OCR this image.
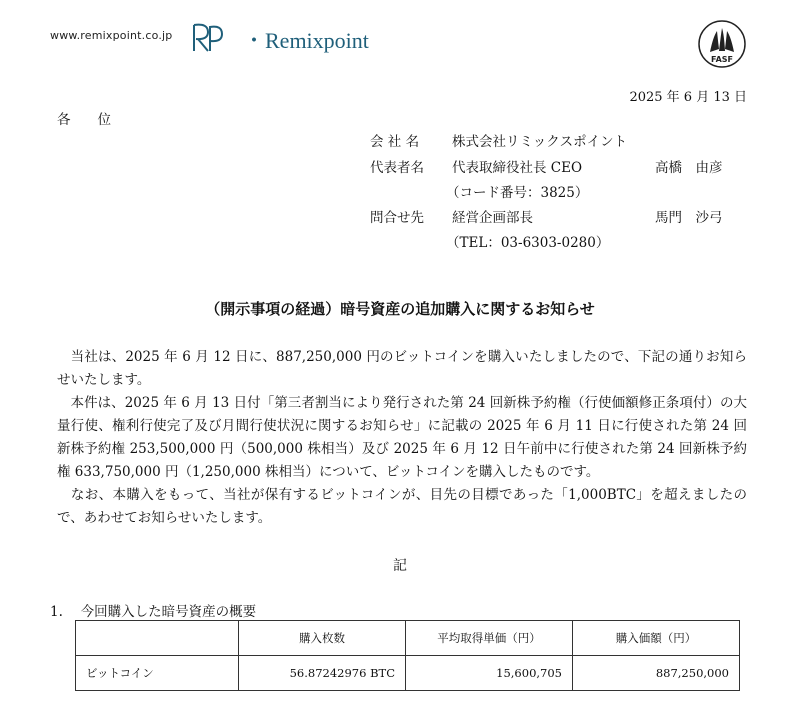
www.remixpoint.co.jp	・Remixpoint
FASF
2025 年 6 月 13 日
各　　位
会 社 名 株式会社リミックスポイント
代表者名 代表取締役社長 CEO	高橋　由彦
（コード番号：3825）
問合せ先 経営企画部長	馬門　沙弓
（TEL：03-6303-0280）
（開示事項の経過）暗号資産の追加購入に関するお知らせ
　当社は、2025 年 6 月 12 日に、887,250,000 円のビットコインを購入いたしましたので、下記の通りお知らせいたします。
　本件は、2025 年 6 月 13 日付「第三者割当により発行された第 24 回新株予約権（行使価額修正条項付）の大量行使、権利行使完了及び月間行使状況に関するお知らせ」に記載の 2025 年 6 月 11 日に行使された第 24 回新株予約権 253,500,000 円（500,000 株相当）及び 2025 年 6 月 12 日午前中に行使された第 24 回新株予約権 633,750,000 円（1,250,000 株相当）について、ビットコインを購入したものです。
　なお、本購入をもって、当社が保有するビットコインが、目先の目標であった「1,000BTC」を超えましたので、あわせてお知らせいたします。
記
1.　 今回購入した暗号資産の概要
	購入枚数	平均取得単価（円）	購入価額（円）
ビットコイン	56.87242976 BTC	15,600,705	887,250,000
